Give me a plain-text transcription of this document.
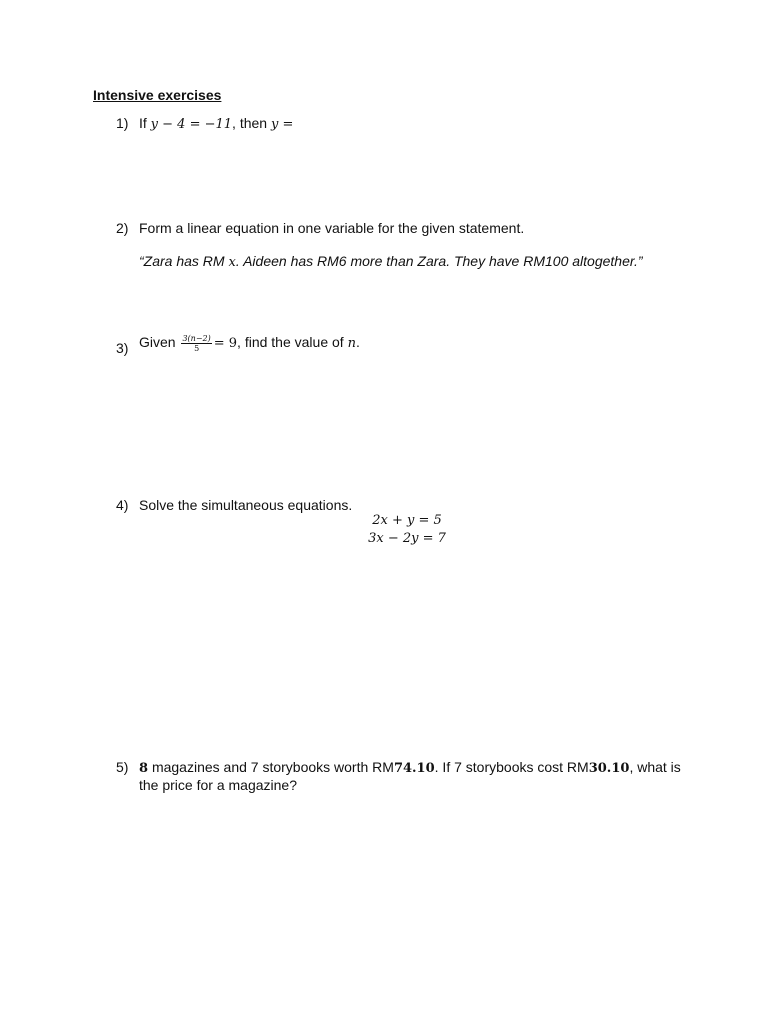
Intensive exercises
1) If y − 4 = −11, then y =
2) Form a linear equation in one variable for the given statement.
“Zara has RM x. Aideen has RM6 more than Zara. They have RM100 altogether.”
3) Given $\frac{3(n-2)}{5} = 9$, find the value of n.
4) Solve the simultaneous equations.
2x + y = 5
3x − 2y = 7
5) 8 magazines and 7 storybooks worth RM74.10. If 7 storybooks cost RM30.10, what is
the price for a magazine?
